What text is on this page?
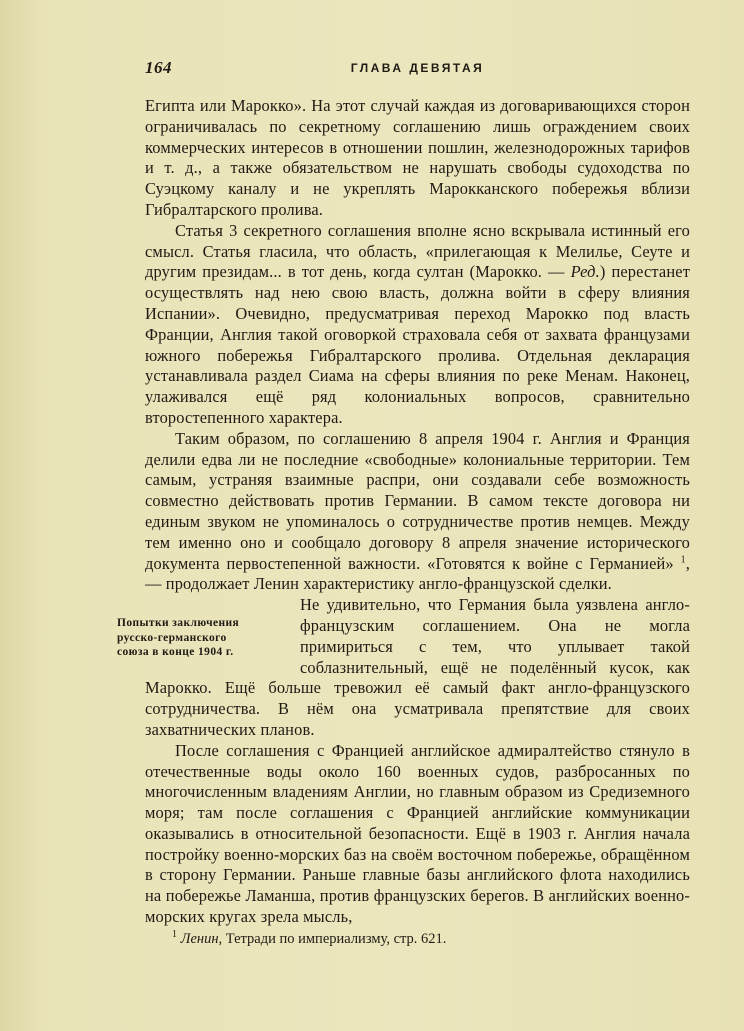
164	ГЛАВА ДЕВЯТАЯ

Египта или Марокко». На этот случай каждая из договаривающихся сторон ограничивалась по секретному соглашению лишь ограждением своих коммерческих интересов в отношении пошлин, железнодорожных тарифов и т. д., а также обязательством не нарушать свободы судоходства по Суэцкому каналу и не укреплять Марокканского побережья вблизи Гибралтарского пролива.

Статья 3 секретного соглашения вполне ясно вскрывала истинный его смысл. Статья гласила, что область, «прилегающая к Мелилье, Сеуте и другим президам... в тот день, когда султан (Марокко. — Ред.) перестанет осуществлять над нею свою власть, должна войти в сферу влияния Испании». Очевидно, предусматривая переход Марокко под власть Франции, Англия такой оговоркой страховала себя от захвата французами южного побережья Гибралтарского пролива. Отдельная декларация устанавливала раздел Сиама на сферы влияния по реке Менам. Наконец, улаживался ещё ряд колониальных вопросов, сравнительно второстепенного характера.

Таким образом, по соглашению 8 апреля 1904 г. Англия и Франция делили едва ли не последние «свободные» колониальные территории. Тем самым, устраняя взаимные распри, они создавали себе возможность совместно действовать против Германии. В самом тексте договора ни единым звуком не упоминалось о сотрудничестве против немцев. Между тем именно оно и сообщало договору 8 апреля значение исторического документа первостепенной важности. «Готовятся к войне с Германией» $^1$, — продолжает Ленин характеристику англо-французской сделки.

Попытки заключения русско-германского союза в конце 1904 г.

Не удивительно, что Германия была уязвлена англо-французским соглашением. Она не могла примириться с тем, что уплывает такой соблазнительный, ещё не поделённый кусок, как Марокко. Ещё больше тревожил её самый факт англо-французского сотрудничества. В нём она усматривала препятствие для своих захватнических планов.

После соглашения с Францией английское адмиралтейство стянуло в отечественные воды около 160 военных судов, разбросанных по многочисленным владениям Англии, но главным образом из Средиземного моря; там после соглашения с Францией английские коммуникации оказывались в относительной безопасности. Ещё в 1903 г. Англия начала постройку военно-морских баз на своём восточном побережье, обращённом в сторону Германии. Раньше главные базы английского флота находились на побережье Ламанша, против французских берегов. В английских военно-морских кругах зрела мысль,

$^1$ Ленин, Тетради по империализму, стр. 621.
